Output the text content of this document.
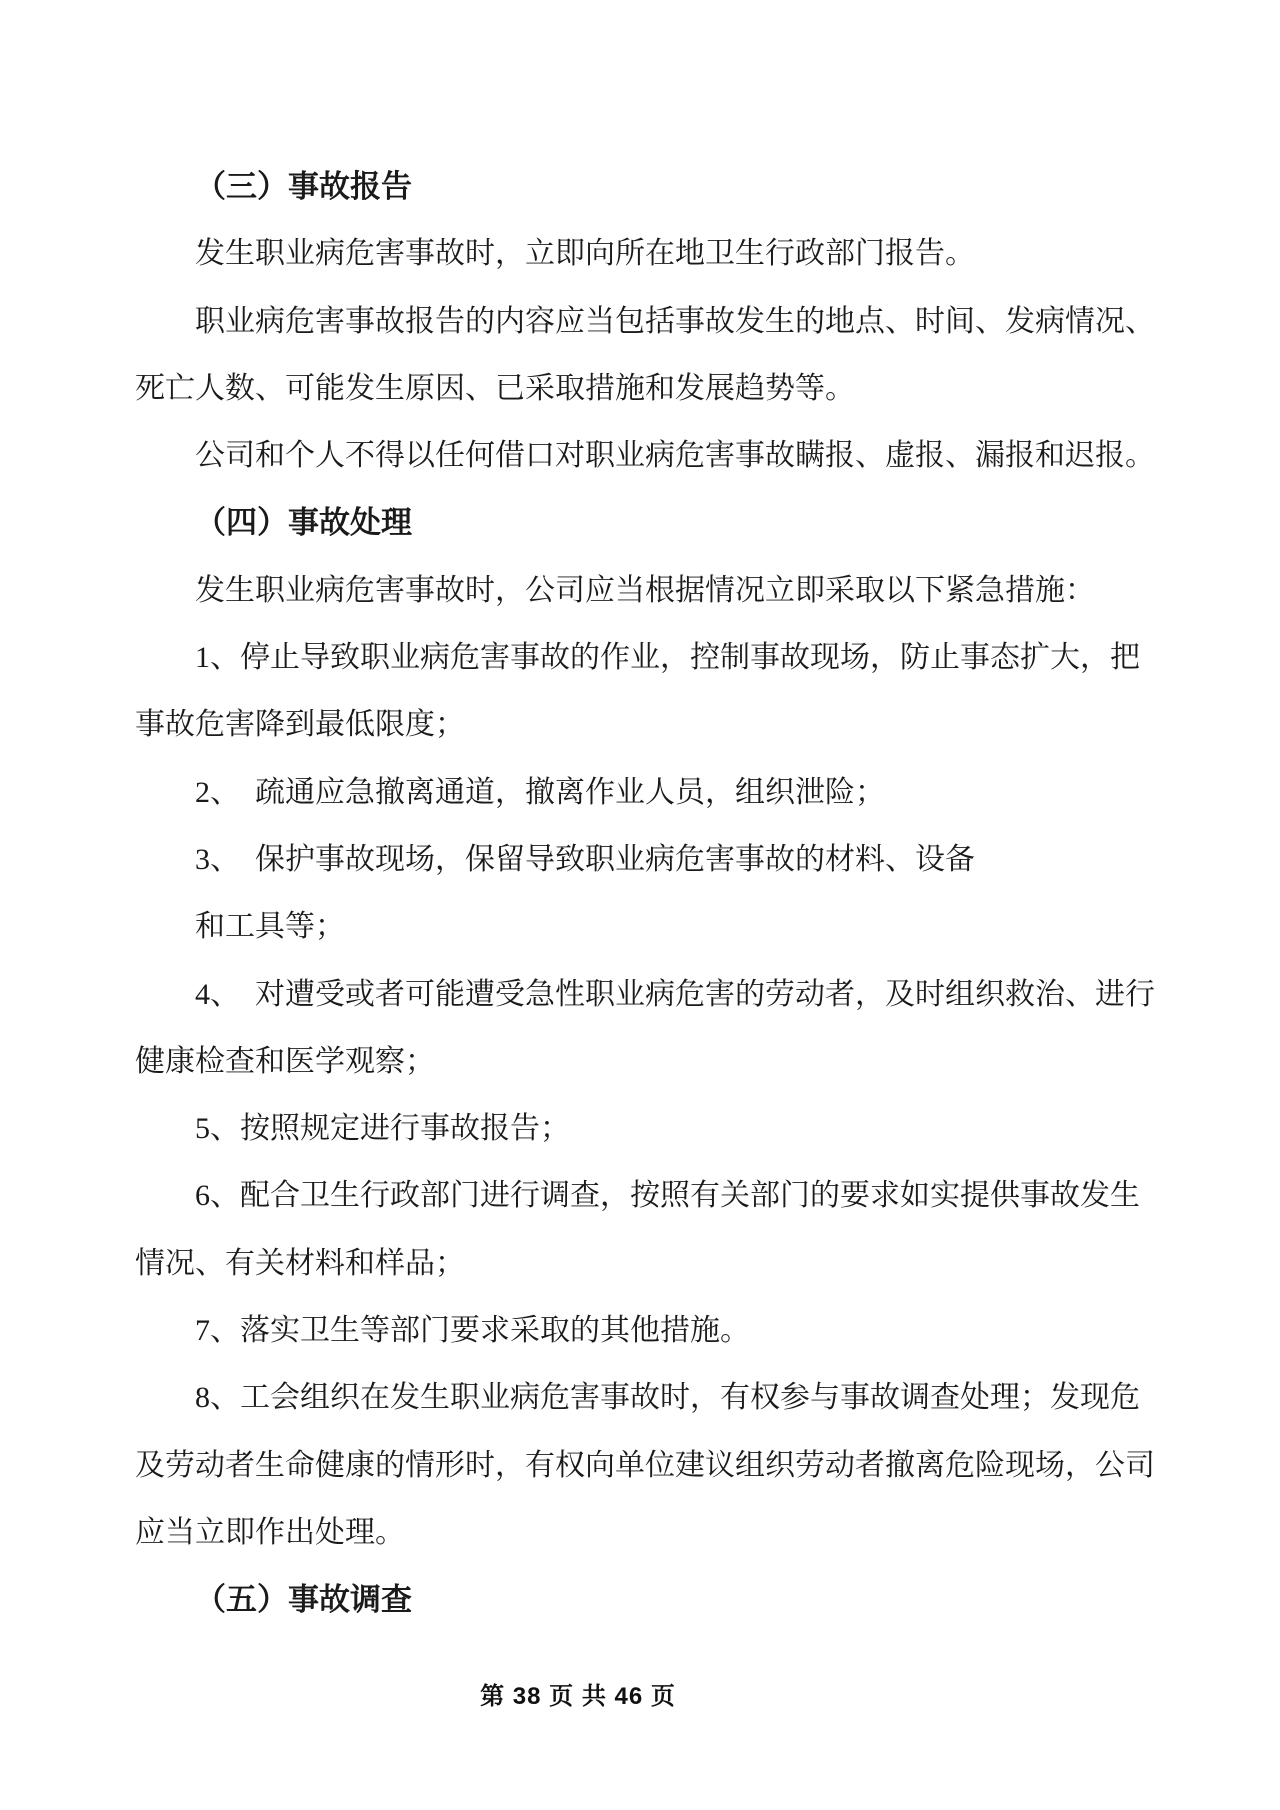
（三）事故报告
发生职业病危害事故时，立即向所在地卫生行政部门报告。
职业病危害事故报告的内容应当包括事故发生的地点、时间、发病情况、
死亡人数、可能发生原因、已采取措施和发展趋势等。
公司和个人不得以任何借口对职业病危害事故瞒报、虚报、漏报和迟报。
（四）事故处理
发生职业病危害事故时，公司应当根据情况立即采取以下紧急措施：
1、停止导致职业病危害事故的作业，控制事故现场，防止事态扩大，把
事故危害降到最低限度；
2、　疏通应急撤离通道，撤离作业人员，组织泄险；
3、　保护事故现场，保留导致职业病危害事故的材料、设备
和工具等；
4、　对遭受或者可能遭受急性职业病危害的劳动者，及时组织救治、进行
健康检查和医学观察；
5、按照规定进行事故报告；
6、配合卫生行政部门进行调查，按照有关部门的要求如实提供事故发生
情况、有关材料和样品；
7、落实卫生等部门要求采取的其他措施。
8、工会组织在发生职业病危害事故时，有权参与事故调查处理；发现危
及劳动者生命健康的情形时，有权向单位建议组织劳动者撤离危险现场，公司
应当立即作出处理。
（五）事故调查
第 38 页 共 46 页
